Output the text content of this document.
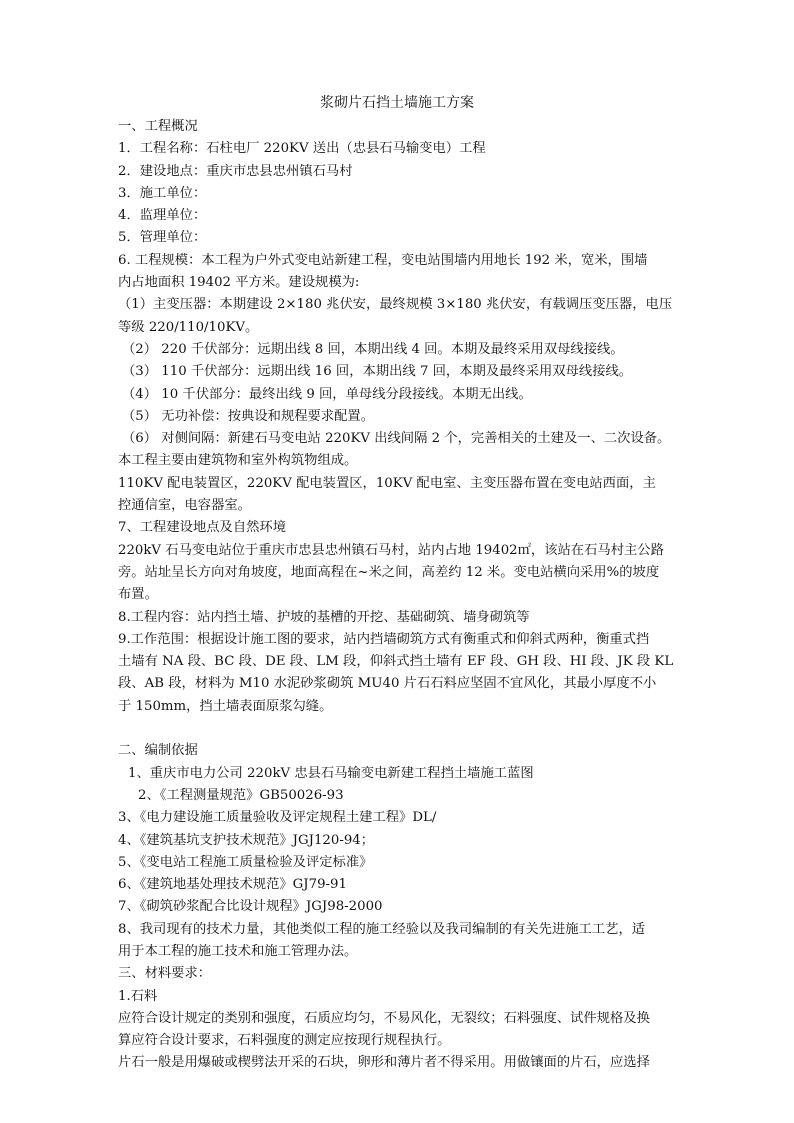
浆砌片石挡土墙施工方案
一、工程概况
1．工程名称：石柱电厂 220KV 送出（忠县石马输变电）工程
2．建设地点：重庆市忠县忠州镇石马村
3．施工单位：
4．监理单位：
5．管理单位：
6. 工程规模：本工程为户外式变电站新建工程，变电站围墙内用地长 192 米，宽米，围墙
内占地面积 19402 平方米。建设规模为:
（1）主变压器：本期建设 2×180 兆伏安，最终规模 3×180 兆伏安，有载调压变压器，电压
等级 220/110/10KV。
（2） 220 千伏部分：远期出线 8 回，本期出线 4 回。本期及最终采用双母线接线。
（3） 110 千伏部分：远期出线 16 回，本期出线 7 回，本期及最终采用双母线接线。
（4） 10 千伏部分：最终出线 9 回，单母线分段接线。本期无出线。
（5） 无功补偿：按典设和规程要求配置。
（6） 对侧间隔：新建石马变电站 220KV 出线间隔 2 个，完善相关的土建及一、二次设备。
本工程主要由建筑物和室外构筑物组成。
110KV 配电装置区，220KV 配电装置区，10KV 配电室、主变压器布置在变电站西面，主
控通信室，电容器室。
7、工程建设地点及自然环境
220kV 石马变电站位于重庆市忠县忠州镇石马村，站内占地 19402㎡，该站在石马村主公路
旁。站址呈长方向对角坡度，地面高程在~米之间，高差约 12 米。变电站横向采用%的坡度
布置。
8.工程内容：站内挡土墙、护坡的基槽的开挖、基础砌筑、墙身砌筑等
9.工作范围：根据设计施工图的要求，站内挡墙砌筑方式有衡重式和仰斜式两种，衡重式挡
土墙有 NA 段、BC 段、DE 段、LM 段，仰斜式挡土墙有 EF 段、GH 段、HI 段、JK 段 KL
段、AB 段，材料为 M10 水泥砂浆砌筑 MU40 片石石料应坚固不宜风化，其最小厚度不小
于 150mm，挡土墙表面原浆勾缝。
二、编制依据
1、重庆市电力公司 220kV 忠县石马输变电新建工程挡土墙施工蓝图
2、《工程测量规范》GB50026-93
3、《电力建设施工质量验收及评定规程土建工程》DL/
4、《建筑基坑支护技术规范》JGJ120-94；
5、《变电站工程施工质量检验及评定标准》
6、《建筑地基处理技术规范》GJ79-91
7、《砌筑砂浆配合比设计规程》JGJ98-2000
8、我司现有的技术力量，其他类似工程的施工经验以及我司编制的有关先进施工工艺，适
用于本工程的施工技术和施工管理办法。
三、材料要求：
1.石料
应符合设计规定的类别和强度，石质应均匀，不易风化，无裂纹；石料强度、试件规格及换
算应符合设计要求，石料强度的测定应按现行规程执行。
片石一般是用爆破或楔劈法开采的石块，卵形和薄片者不得采用。用做镶面的片石，应选择
